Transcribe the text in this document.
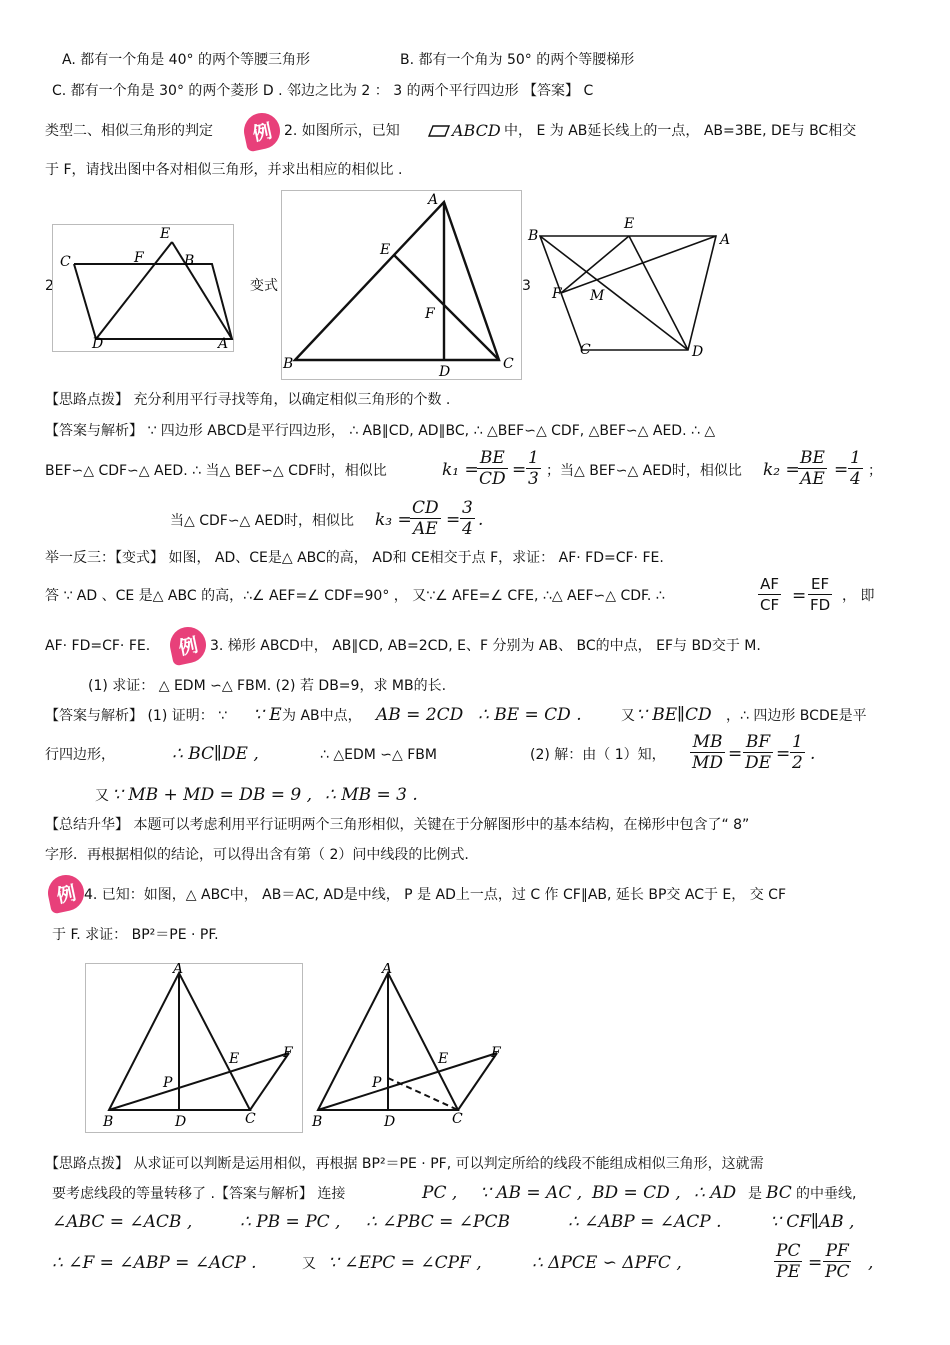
A. 都有一个角是 40° 的两个等腰三角形	B. 都有一个角为 50° 的两个等腰梯形
C. 都有一个角是 30° 的两个菱形 D . 邻边之比为 2 ： 3 的两个平行四边形 【答案】 C
类型二、相似三角形的判定	例 2. 如图所示，已知	ABCD 中， E 为 AB延长线上的一点， AB=3BE, DE与 BC相交
于 F，请找出图中各对相似三角形，并求出相应的相似比 .
2
E
F	B
C
D	A
变式
A
E
F
B	D	C
3
B
E
A
F M
C	D
【思路点拨】 充分利用平行寻找等角，以确定相似三角形的个数 .
【答案与解析】 ∵ 四边形 ABCD是平行四边形， ∴ AB∥CD, AD∥BC, ∴ △BEF∽△ CDF, △BEF∽△ AED. ∴ △
BEF∽△ CDF∽△ AED. ∴ 当△ BEF∽△ CDF时，相似比	k₁ =
$\frac{BE}{CD} = \frac{1}{3}$ ；当△ BEF∽△ AED时，相似比 k₂ =
$\frac{BE}{AE} = \frac{1}{4}$ ；
当△ CDF∽△ AED时，相似比 k₃ =
$\frac{CD}{AE} = \frac{3}{4}$ .
举一反三：【变式】 如图， AD、CE是△ ABC的高， AD和 CE相交于点 F，求证： AF· FD=CF· FE.
答 ∵ AD 、CE 是△ ABC 的高，∴∠ AEF=∠ CDF=90° ， 又∵∠ AFE=∠ CFE, ∴△ AEF∽△ CDF. ∴	$\frac{AF}{CF} = \frac{EF}{FD}$ ， 即
AF· FD=CF· FE.	例 3. 梯形 ABCD中， AB∥CD, AB=2CD, E、F 分别为 AB、 BC的中点， EF与 BD交于 M.
(1) 求证： △ EDM ∽△ FBM. (2) 若 DB=9，求 MB的长.
【答案与解析】 (1) 证明： ∵ ∵ E 为 AB中点， AB = 2CD ∴ BE = CD .	又 ∵ BE∥CD ，∴ 四边形 BCDE是平
行四边形，	∴ BC∥DE ,	∴ △EDM ∽△ FBM	(2) 解：由（ 1）知， $\frac{MB}{MD} = \frac{BF}{DE} = \frac{1}{2}$ .
又 ∵ MB + MD = DB = 9 , ∴ MB = 3 .
【总结升华】 本题可以考虑利用平行证明两个三角形相似，关键在于分解图形中的基本结构，在梯形中包含了“ 8”
字形．再根据相似的结论，可以得出含有第（ 2）问中线段的比例式.
例 4. 已知：如图，△ ABC中， AB＝AC, AD是中线， P 是 AD上一点，过 C 作 CF∥AB, 延长 BP交 AC于 E， 交 CF
于 F. 求证： BP²＝PE · PF.
A
E	F
P
B	D	C
A
E	F
P
B	D	C
【思路点拨】 从求证可以判断是运用相似，再根据 BP²＝PE · PF, 可以判定所给的线段不能组成相似三角形，这就需
要考虑线段的等量转移了 .【答案与解析】 连接	PC , ∵ AB = AC , BD = CD , ∴ AD 是 BC 的中垂线,
∠ABC = ∠ACB ,	∴ PB = PC , ∴ ∠PBC = ∠PCB	∴ ∠ABP = ∠ACP .	∵ CF∥AB ,
∴ ∠F = ∠ABP = ∠ACP .	又 ∵ ∠EPC = ∠CPF ,	∴ ΔPCE ∽ ΔPFC ,	$\frac{PC}{PE} = \frac{PF}{PC}$ ,
